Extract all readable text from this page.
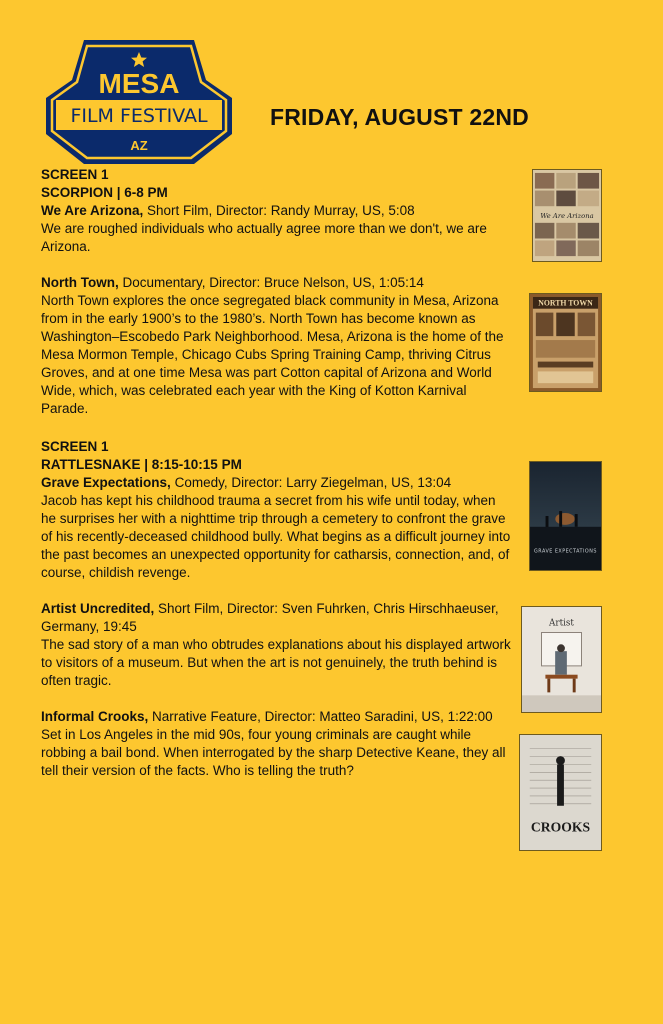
MESA
FILM FESTIVAL
AZ
FRIDAY, AUGUST 22ND
SCREEN 1
SCORPION | 6-8 PM
We Are Arizona, Short Film, Director: Randy Murray, US, 5:08
We are roughed individuals who actually agree more than we don't, we are Arizona.
North Town, Documentary, Director: Bruce Nelson, US, 1:05:14
North Town explores the once segregated black community in Mesa, Arizona from in the early 1900’s to the 1980’s. North Town has become known as Washington–Escobedo Park Neighborhood. Mesa, Arizona is the home of the Mesa Mormon Temple, Chicago Cubs Spring Training Camp, thriving Citrus Groves, and at one time Mesa was part Cotton capital of Arizona and World Wide, which, was celebrated each year with the King of Kotton Karnival Parade.
SCREEN 1
RATTLESNAKE | 8:15-10:15 PM
Grave Expectations, Comedy, Director: Larry Ziegelman, US, 13:04
Jacob has kept his childhood trauma a secret from his wife until today, when he surprises her with a nighttime trip through a cemetery to confront the grave of his recently-deceased childhood bully. What begins as a difficult journey into the past becomes an unexpected opportunity for catharsis, connection, and, of course, childish revenge.
Artist Uncredited, Short Film, Director: Sven Fuhrken, Chris Hirschhaeuser, Germany, 19:45
The sad story of a man who obtrudes explanations about his displayed artwork to visitors of a museum. But when the art is not genuinely, the truth behind is often tragic.
Informal Crooks, Narrative Feature, Director: Matteo Saradini, US, 1:22:00
Set in Los Angeles in the mid 90s, four young criminals are caught while robbing a bail bond. When interrogated by the sharp Detective Keane, they all tell their version of the facts. Who is telling the truth?
We Are Arizona
NORTH TOWN
GRAVE EXPECTATIONS
Artist
CROOKS
